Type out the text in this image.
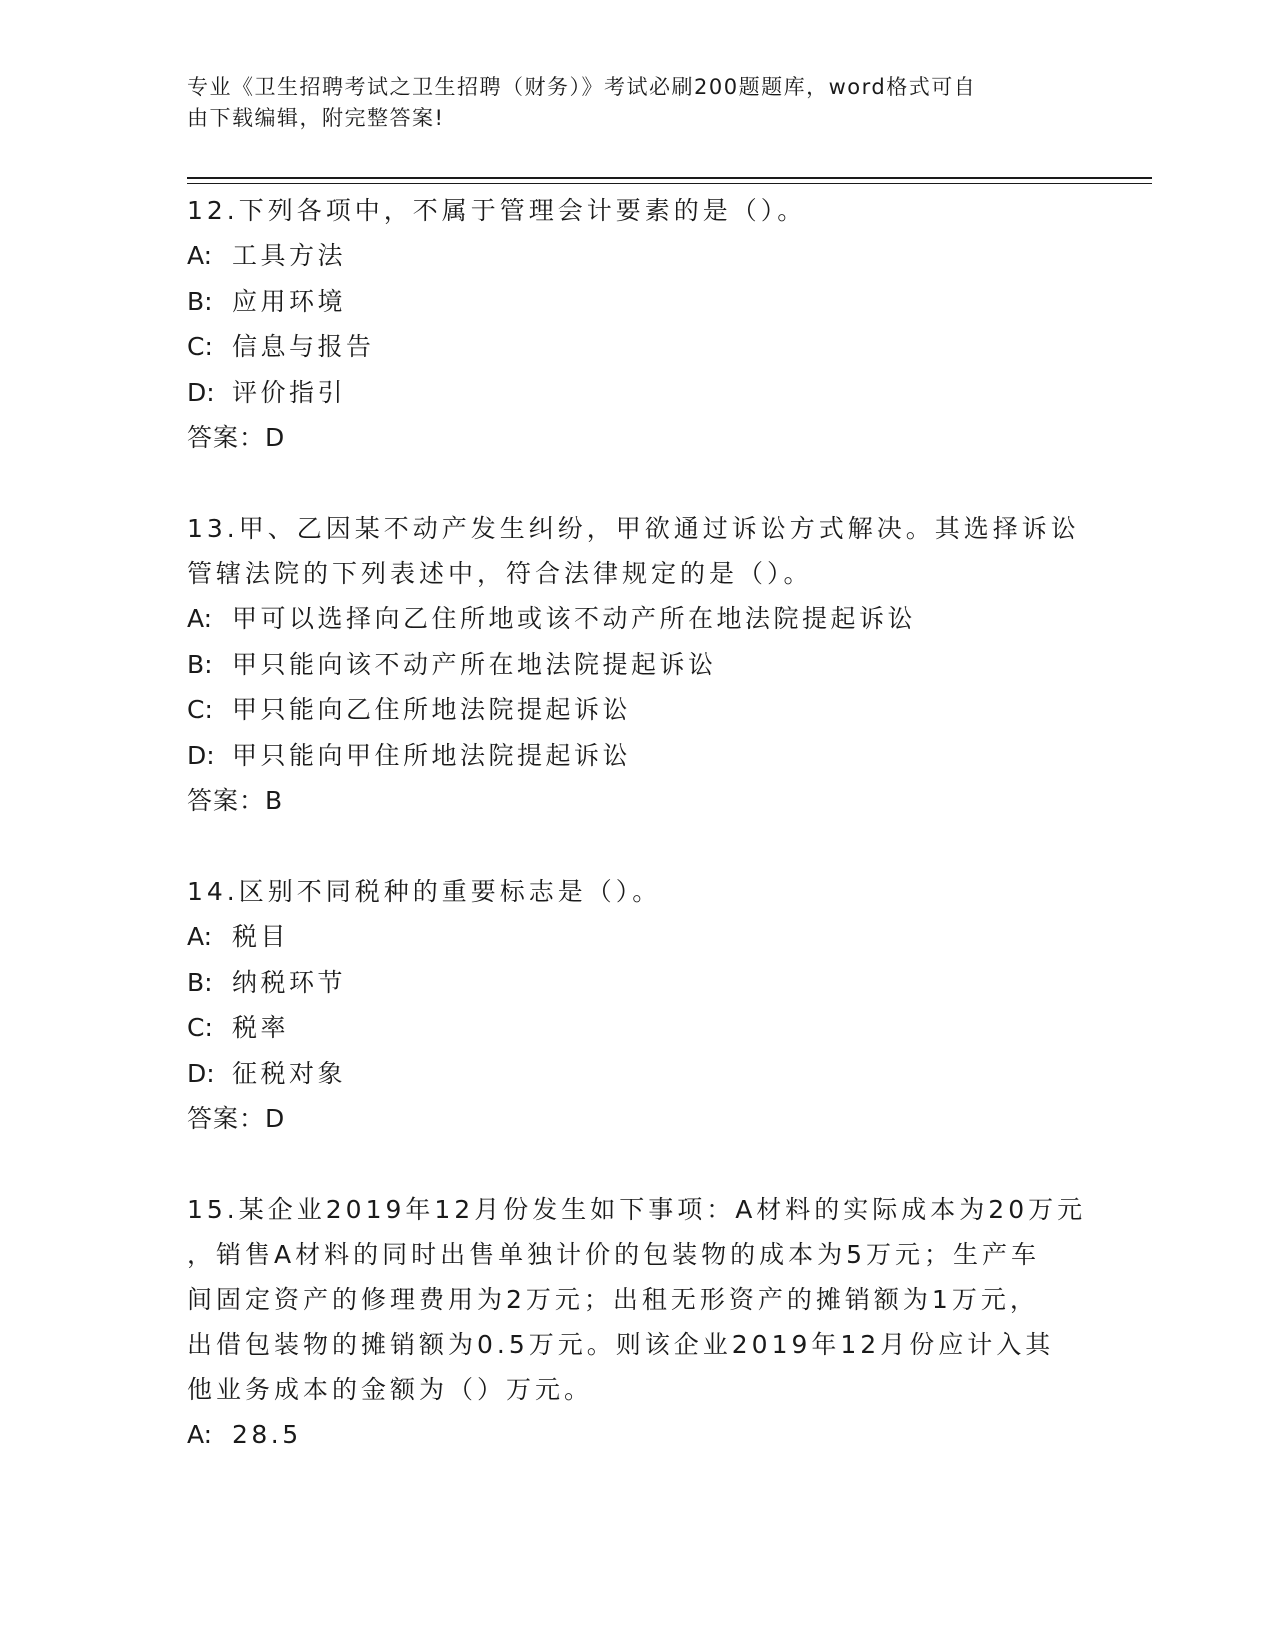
专业《卫生招聘考试之卫生招聘（财务）》考试必刷200题题库，word格式可自
由下载编辑，附完整答案!

12.下列各项中，不属于管理会计要素的是（）。

A: 工具方法

B: 应用环境

C: 信息与报告

D: 评价指引

答案：D

13.甲、乙因某不动产发生纠纷，甲欲通过诉讼方式解决。其选择诉讼

管辖法院的下列表述中，符合法律规定的是（）。

A: 甲可以选择向乙住所地或该不动产所在地法院提起诉讼

B: 甲只能向该不动产所在地法院提起诉讼

C: 甲只能向乙住所地法院提起诉讼

D: 甲只能向甲住所地法院提起诉讼

答案：B

14.区别不同税种的重要标志是（）。

A: 税目

B: 纳税环节

C: 税率

D: 征税对象

答案：D

15.某企业2019年12月份发生如下事项：A材料的实际成本为20万元

，销售A材料的同时出售单独计价的包装物的成本为5万元；生产车

间固定资产的修理费用为2万元；出租无形资产的摊销额为1万元，

出借包装物的摊销额为0.5万元。则该企业2019年12月份应计入其

他业务成本的金额为（）万元。

A: 28.5
